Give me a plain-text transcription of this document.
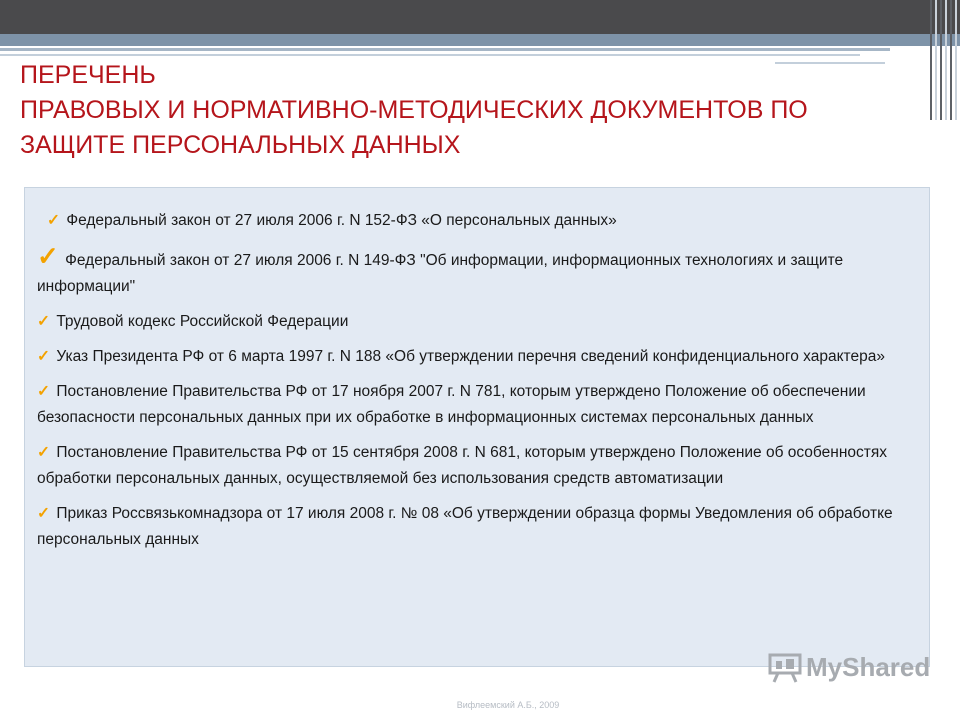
ПЕРЕЧЕНЬ
ПРАВОВЫХ И НОРМАТИВНО-МЕТОДИЧЕСКИХ ДОКУМЕНТОВ ПО
ЗАЩИТЕ ПЕРСОНАЛЬНЫХ ДАННЫХ
✓ Федеральный закон от 27 июля 2006 г. N 152-ФЗ «О персональных данных»
✓ Федеральный закон от 27 июля 2006 г. N 149-ФЗ "Об информации, информационных технологиях и защите информации"
✓ Трудовой кодекс Российской Федерации
✓ Указ Президента РФ от 6 марта 1997 г. N 188 «Об утверждении перечня сведений конфиденциального характера»
✓ Постановление Правительства РФ от 17 ноября 2007 г. N 781, которым утверждено Положение об обеспечении безопасности персональных данных при их обработке в информационных системах персональных данных
✓ Постановление Правительства РФ от 15 сентября 2008 г. N 681, которым утверждено Положение об особенностях обработки персональных данных, осуществляемой без использования средств автоматизации
✓ Приказ Россвязькомнадзора от 17 июля 2008 г. № 08 «Об утверждении образца формы Уведомления об обработке персональных данных
MyShared
Вифлеемский А.Б., 2009
